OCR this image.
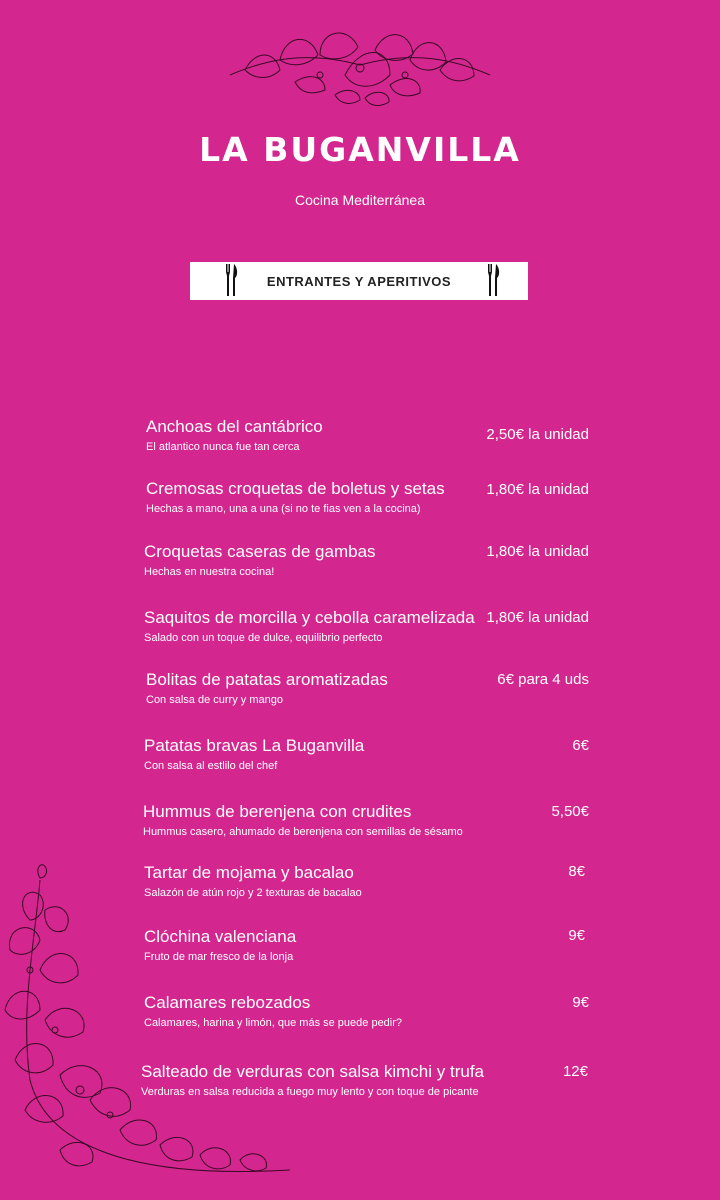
LA BUGANVILLA

Cocina Mediterránea

ENTRANTES Y APERITIVOS
Anchoas del cantábrico
El atlantico nunca fue tan cerca
2,50€ la unidad
Cremosas croquetas de boletus y setas
Hechas a mano, una a una (si no te fias ven a la cocina)
1,80€ la unidad
Croquetas caseras de gambas
Hechas en nuestra cocina!
1,80€ la unidad
Saquitos de morcilla y cebolla caramelizada
Salado con un toque de dulce, equilibrio perfecto
1,80€ la unidad
Bolitas de patatas aromatizadas
Con salsa de curry y mango
6€ para 4 uds
Patatas bravas La Buganvilla
Con salsa al estlilo del chef
6€
Hummus de berenjena con crudites
Hummus casero, ahumado de berenjena con semillas de sésamo
5,50€
Tartar de mojama y bacalao
Salazón de atún rojo y 2 texturas de bacalao
8€
Clóchina valenciana
Fruto de mar fresco de la lonja
9€
Calamares rebozados
Calamares, harina y limón, que más se puede pedir?
9€
Salteado de verduras con salsa kimchi y trufa
Verduras en salsa reducida a fuego muy lento y con toque de picante
12€
